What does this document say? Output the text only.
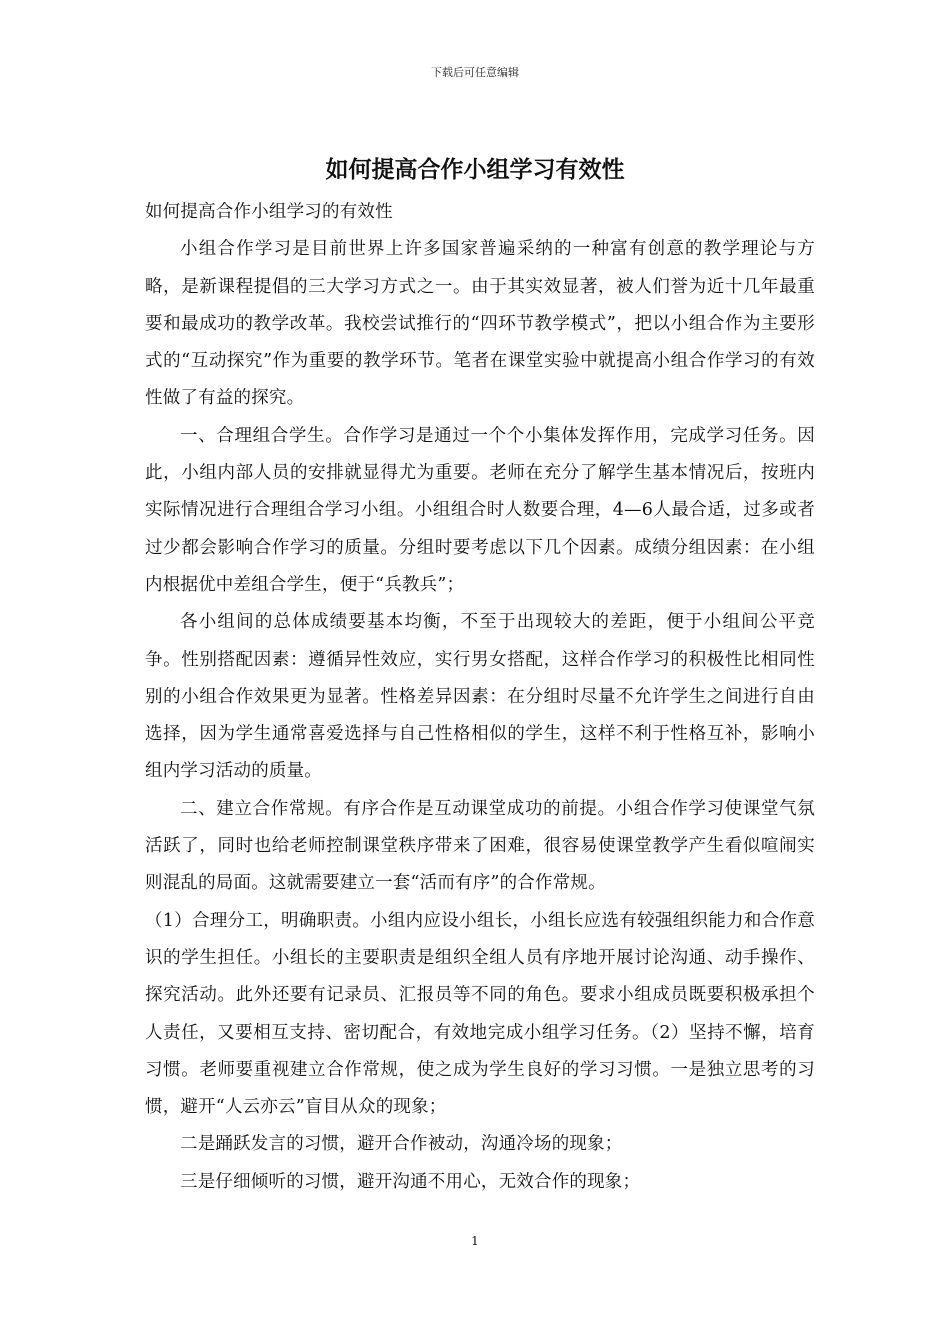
下载后可任意编辑
如何提高合作小组学习有效性

如何提高合作小组学习的有效性

小组合作学习是目前世界上许多国家普遍采纳的一种富有创意的教学理论与方略，是新课程提倡的三大学习方式之一。由于其实效显著，被人们誉为近十几年最重要和最成功的教学改革。我校尝试推行的“四环节教学模式”，把以小组合作为主要形式的“互动探究”作为重要的教学环节。笔者在课堂实验中就提高小组合作学习的有效性做了有益的探究。

一、合理组合学生。合作学习是通过一个个小集体发挥作用，完成学习任务。因此，小组内部人员的安排就显得尤为重要。老师在充分了解学生基本情况后，按班内实际情况进行合理组合学习小组。小组组合时人数要合理，4—6人最合适，过多或者过少都会影响合作学习的质量。分组时要考虑以下几个因素。成绩分组因素：在小组内根据优中差组合学生，便于“兵教兵”；

各小组间的总体成绩要基本均衡，不至于出现较大的差距，便于小组间公平竞争。性别搭配因素：遵循异性效应，实行男女搭配，这样合作学习的积极性比相同性别的小组合作效果更为显著。性格差异因素：在分组时尽量不允许学生之间进行自由选择，因为学生通常喜爱选择与自己性格相似的学生，这样不利于性格互补，影响小组内学习活动的质量。

二、建立合作常规。有序合作是互动课堂成功的前提。小组合作学习使课堂气氛活跃了，同时也给老师控制课堂秩序带来了困难，很容易使课堂教学产生看似喧闹实则混乱的局面。这就需要建立一套“活而有序”的合作常规。

（1）合理分工，明确职责。小组内应设小组长，小组长应选有较强组织能力和合作意识的学生担任。小组长的主要职责是组织全组人员有序地开展讨论沟通、动手操作、探究活动。此外还要有记录员、汇报员等不同的角色。要求小组成员既要积极承担个人责任，又要相互支持、密切配合，有效地完成小组学习任务。（2）坚持不懈，培育习惯。老师要重视建立合作常规，使之成为学生良好的学习习惯。一是独立思考的习惯，避开“人云亦云”盲目从众的现象；

二是踊跃发言的习惯，避开合作被动，沟通冷场的现象；

三是仔细倾听的习惯，避开沟通不用心，无效合作的现象；

1
